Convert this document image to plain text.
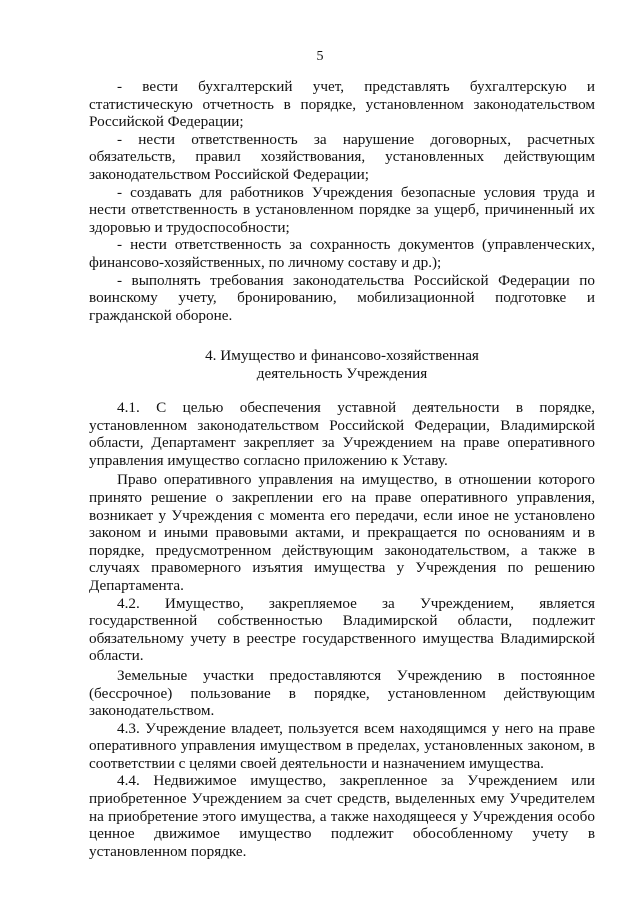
5

- вести бухгалтерский учет, представлять бухгалтерскую и статистическую отчетность в порядке, установленном законодательством Российской Федерации;

- нести ответственность за нарушение договорных, расчетных обязательств, правил хозяйствования, установленных действующим законодательством Российской Федерации;

- создавать для работников Учреждения безопасные условия труда и нести ответственность в установленном порядке за ущерб, причиненный их здоровью и трудоспособности;

- нести ответственность за сохранность документов (управленческих, финансово-хозяйственных, по личному составу и др.);

- выполнять требования законодательства Российской Федерации по воинскому учету, бронированию, мобилизационной подготовке и гражданской обороне.

4. Имущество и финансово-хозяйственная
деятельность Учреждения

4.1. С целью обеспечения уставной деятельности в порядке, установленном законодательством Российской Федерации, Владимирской области, Департамент закрепляет за Учреждением на праве оперативного управления имущество согласно приложению к Уставу.

Право оперативного управления на имущество, в отношении которого принято решение о закреплении его на праве оперативного управления, возникает у Учреждения с момента его передачи, если иное не установлено законом и иными правовыми актами, и прекращается по основаниям и в порядке, предусмотренном действующим законодательством, а также в случаях правомерного изъятия имущества у Учреждения по решению Департамента.

4.2. Имущество, закрепляемое за Учреждением, является государственной собственностью Владимирской области, подлежит обязательному учету в реестре государственного имущества Владимирской области.

Земельные участки предоставляются Учреждению в постоянное (бессрочное) пользование в порядке, установленном действующим законодательством.

4.3. Учреждение владеет, пользуется всем находящимся у него на праве оперативного управления имуществом в пределах, установленных законом, в соответствии с целями своей деятельности и назначением имущества.

4.4. Недвижимое имущество, закрепленное за Учреждением или приобретенное Учреждением за счет средств, выделенных ему Учредителем на приобретение этого имущества, а также находящееся у Учреждения особо ценное движимое имущество подлежит обособленному учету в установленном порядке.
